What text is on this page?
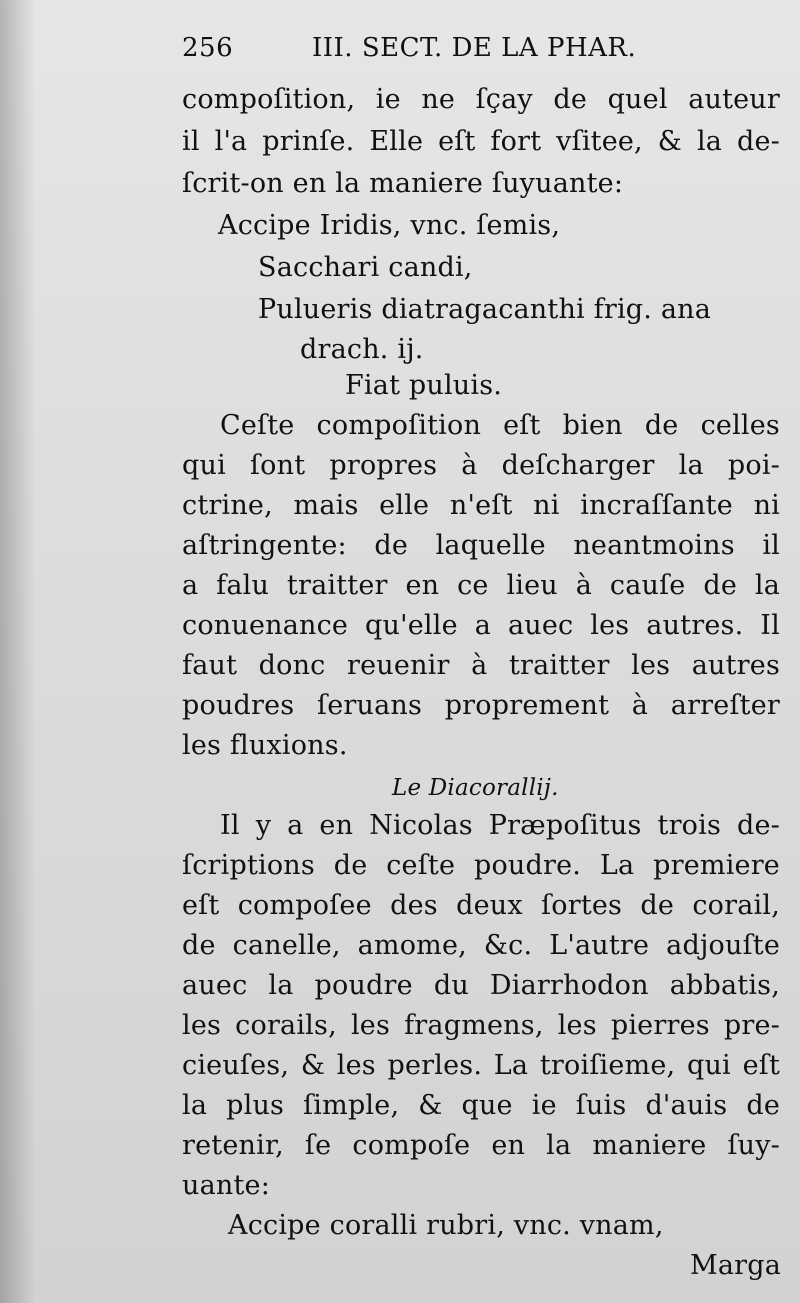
256	III. SECT. DE LA PHAR.
compoſition, ie ne ſçay de quel auteur
il l'a prinſe. Elle eſt fort vſitee, & la de-
ſcrit-on en la maniere ſuyuante:
Accipe Iridis, vnc. ſemis,
Sacchari candi,
Pulueris diatragacanthi frig. ana
drach. ij.
Fiat puluis.
Ceſte compoſition eſt bien de celles
qui ſont propres à deſcharger la poi-
ctrine, mais elle n'eſt ni incraſſante ni
aſtringente: de laquelle neantmoins il
a falu traitter en ce lieu à cauſe de la
conuenance qu'elle a auec les autres. Il
faut donc reuenir à traitter les autres
poudres ſeruans proprement à arreſter
les fluxions.
Le Diacorallij.
Il y a en Nicolas Præpoſitus trois de-
ſcriptions de ceſte poudre. La premiere
eſt compoſee des deux ſortes de corail,
de canelle, amome, &c. L'autre adjouſte
auec la poudre du Diarrhodon abbatis,
les corails, les fragmens, les pierres pre-
cieuſes, & les perles. La troiſieme, qui eſt
la plus ſimple, & que ie ſuis d'auis de
retenir, ſe compoſe en la maniere ſuy-
uante:
Accipe coralli rubri, vnc. vnam,
Marga
